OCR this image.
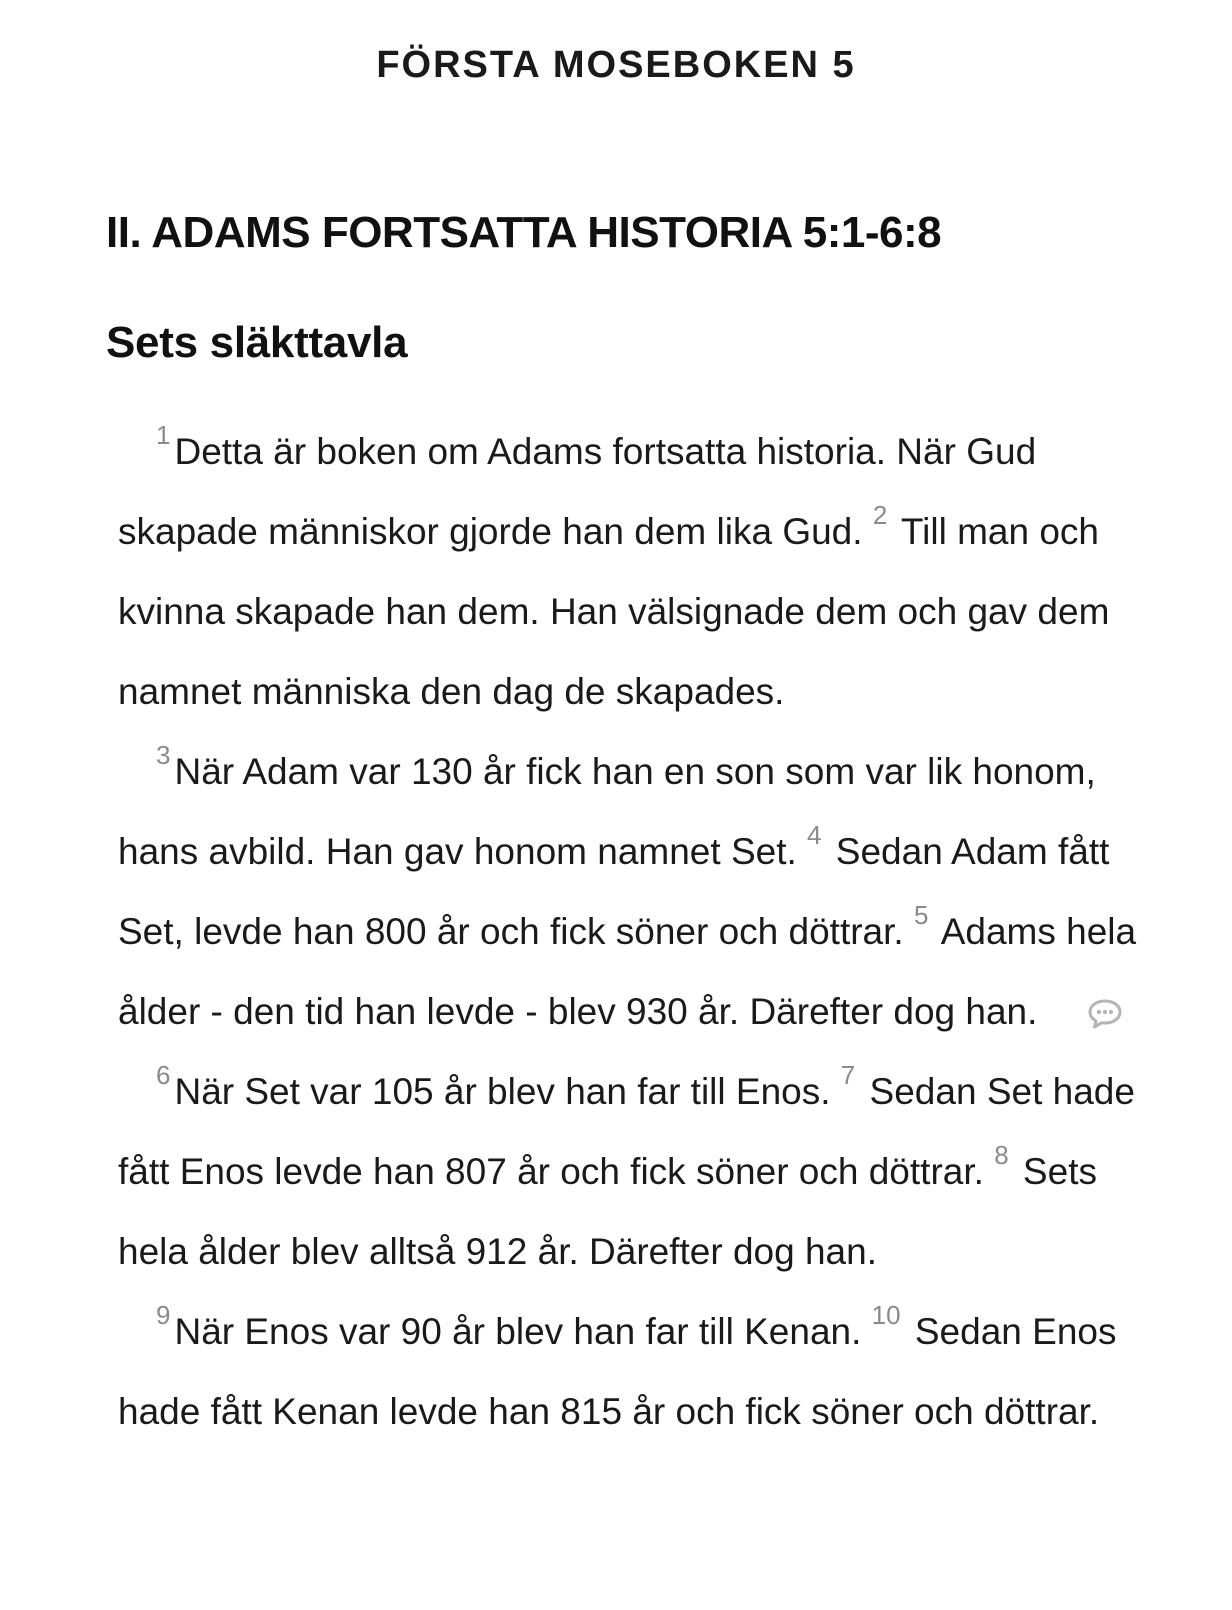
FÖRSTA MOSEBOKEN 5
II. ADAMS FORTSATTA HISTORIA 5:1-6:8
Sets släkttavla

$^1$ Detta är boken om Adams fortsatta historia. När Gud skapade människor gjorde han dem lika Gud. $^2$ Till man och kvinna skapade han dem. Han välsignade dem och gav dem namnet människa den dag de skapades.

$^3$ När Adam var 130 år fick han en son som var lik honom, hans avbild. Han gav honom namnet Set. $^4$ Sedan Adam fått Set, levde han 800 år och fick söner och döttrar. $^5$ Adams hela ålder - den tid han levde - blev 930 år. Därefter dog han.

$^6$ När Set var 105 år blev han far till Enos. $^7$ Sedan Set hade fått Enos levde han 807 år och fick söner och döttrar. $^8$ Sets hela ålder blev alltså 912 år. Därefter dog han.

$^9$ När Enos var 90 år blev han far till Kenan. $^{10}$ Sedan Enos hade fått Kenan levde han 815 år och fick söner och döttrar.
